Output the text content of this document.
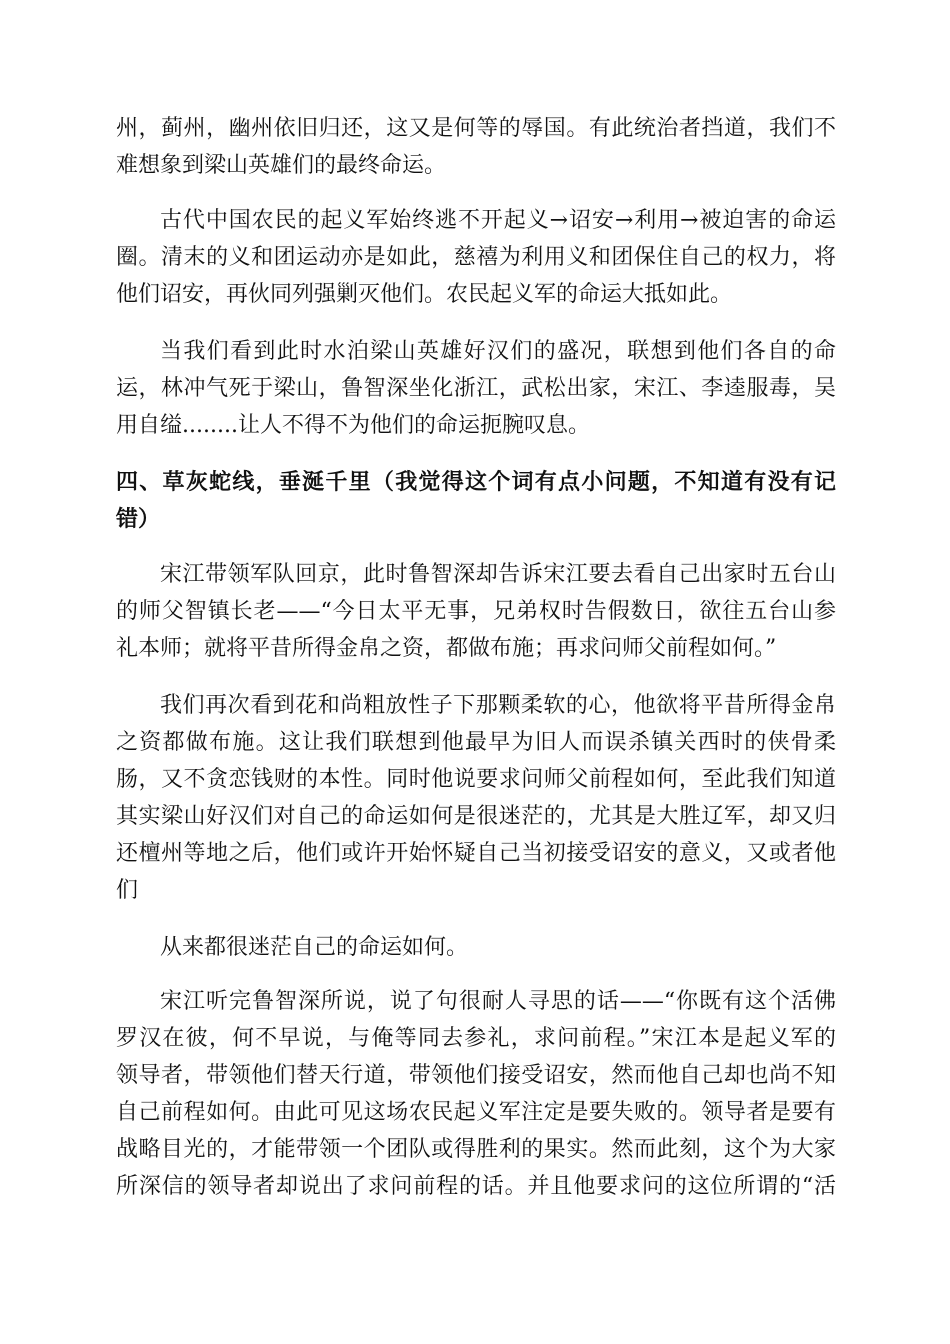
州，蓟州，幽州依旧归还，这又是何等的辱国。有此统治者挡道，我们不
难想象到梁山英雄们的最终命运。
古代中国农民的起义军始终逃不开起义→诏安→利用→被迫害的命运
圈。清末的义和团运动亦是如此，慈禧为利用义和团保住自己的权力，将
他们诏安，再伙同列强剿灭他们。农民起义军的命运大抵如此。
当我们看到此时水泊梁山英雄好汉们的盛况，联想到他们各自的命
运，林冲气死于梁山，鲁智深坐化浙江，武松出家，宋江、李逵服毒，吴
用自缢........让人不得不为他们的命运扼腕叹息。
四、草灰蛇线，垂涎千里（我觉得这个词有点小问题，不知道有没有记
错）
宋江带领军队回京，此时鲁智深却告诉宋江要去看自己出家时五台山
的师父智镇长老——“今日太平无事，兄弟权时告假数日，欲往五台山参
礼本师；就将平昔所得金帛之资，都做布施；再求问师父前程如何。”
我们再次看到花和尚粗放性子下那颗柔软的心，他欲将平昔所得金帛
之资都做布施。这让我们联想到他最早为旧人而误杀镇关西时的侠骨柔
肠，又不贪恋钱财的本性。同时他说要求问师父前程如何，至此我们知道
其实梁山好汉们对自己的命运如何是很迷茫的，尤其是大胜辽军，却又归
还檀州等地之后，他们或许开始怀疑自己当初接受诏安的意义，又或者他
们
从来都很迷茫自己的命运如何。
宋江听完鲁智深所说，说了句很耐人寻思的话——“你既有这个活佛
罗汉在彼，何不早说，与俺等同去参礼，求问前程。”宋江本是起义军的
领导者，带领他们替天行道，带领他们接受诏安，然而他自己却也尚不知
自己前程如何。由此可见这场农民起义军注定是要失败的。领导者是要有
战略目光的，才能带领一个团队或得胜利的果实。然而此刻，这个为大家
所深信的领导者却说出了求问前程的话。并且他要求问的这位所谓的“活
